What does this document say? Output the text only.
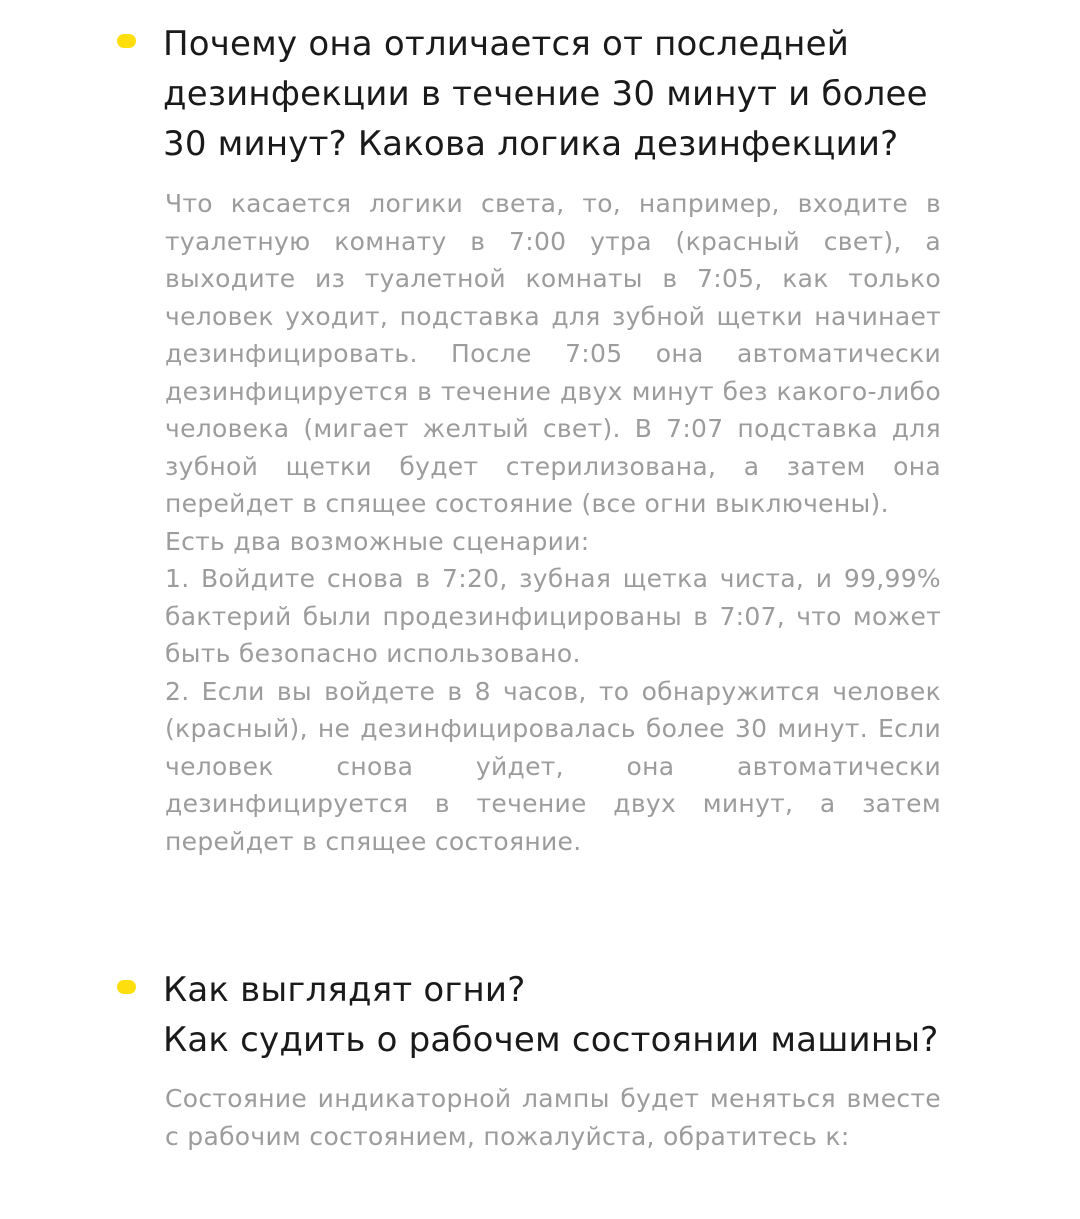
Почему она отличается от последней
дезинфекции в течение 30 минут и более
30 минут? Какова логика дезинфекции?

Что касается логики света, то, например, входите в туалетную комнату в 7:00 утра (красный свет), а выходите из туалетной комнаты в 7:05, как только человек уходит, подставка для зубной щетки начинает дезинфицировать. После 7:05 она автоматически дезинфицируется в течение двух минут без какого-либо человека (мигает желтый свет). В 7:07 подставка для зубной щетки будет стерилизована, а затем она перейдет в спящее состояние (все огни выключены).

Есть два возможные сценарии:

1. Войдите снова в 7:20, зубная щетка чиста, и 99,99% бактерий были продезинфицированы в 7:07, что может быть безопасно использовано.

2. Если вы войдете в 8 часов, то обнаружится человек (красный), не дезинфицировалась более 30 минут. Если человек снова уйдет, она автоматически дезинфицируется в течение двух минут, а затем перейдет в спящее состояние.

Как выглядят огни?
Как судить о рабочем состоянии машины?

Состояние индикаторной лампы будет меняться вместе с рабочим состоянием, пожалуйста, обратитесь к:
